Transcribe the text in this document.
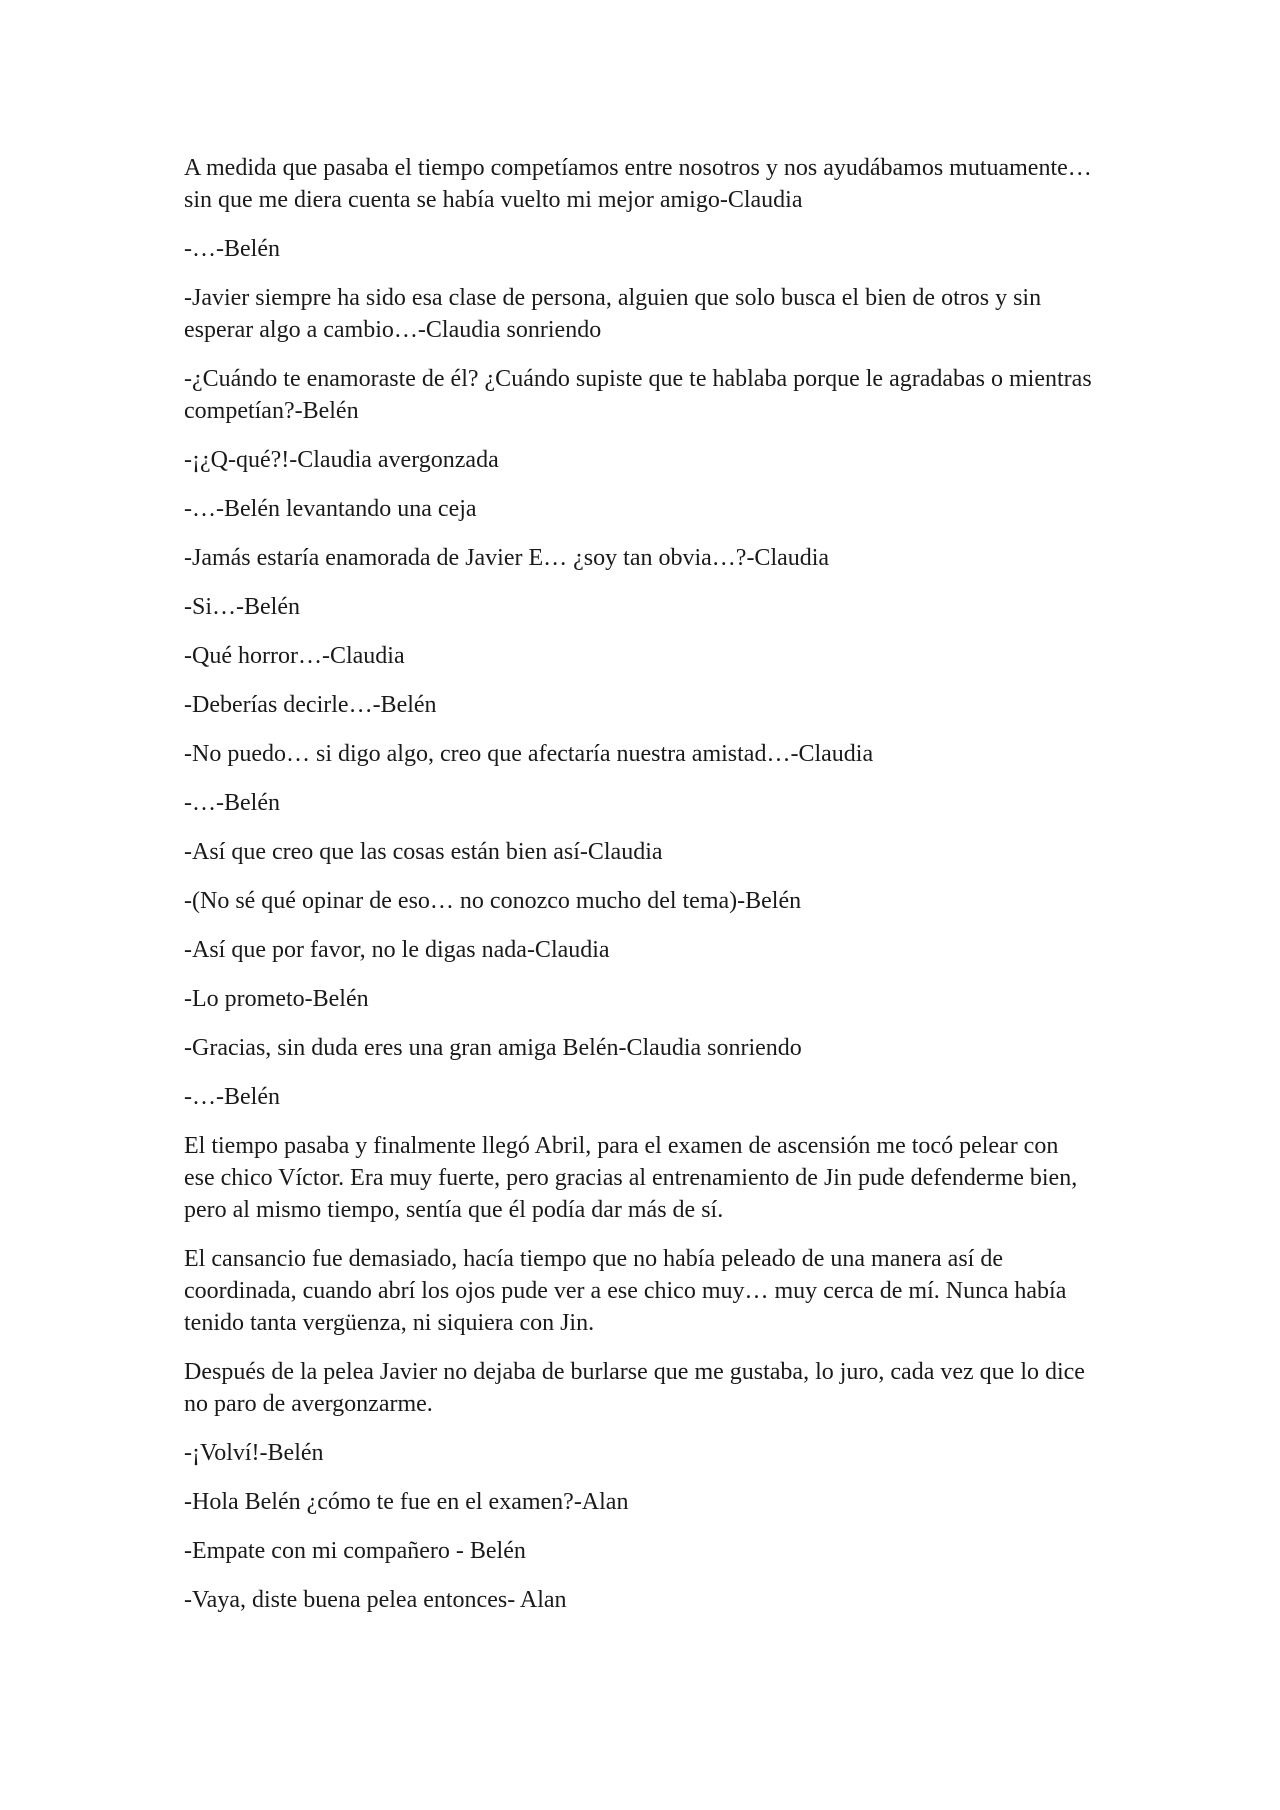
A medida que pasaba el tiempo competíamos entre nosotros y nos ayudábamos mutuamente… sin que me diera cuenta se había vuelto mi mejor amigo-Claudia

-…-Belén

-Javier siempre ha sido esa clase de persona, alguien que solo busca el bien de otros y sin esperar algo a cambio…-Claudia sonriendo

-¿Cuándo te enamoraste de él? ¿Cuándo supiste que te hablaba porque le agradabas o mientras competían?-Belén

-¡¿Q-qué?!-Claudia avergonzada

-…-Belén levantando una ceja

-Jamás estaría enamorada de Javier E… ¿soy tan obvia…?-Claudia

-Si…-Belén

-Qué horror…-Claudia

-Deberías decirle…-Belén

-No puedo… si digo algo, creo que afectaría nuestra amistad…-Claudia

-…-Belén

-Así que creo que las cosas están bien así-Claudia

-(No sé qué opinar de eso… no conozco mucho del tema)-Belén

-Así que por favor, no le digas nada-Claudia

-Lo prometo-Belén

-Gracias, sin duda eres una gran amiga Belén-Claudia sonriendo

-…-Belén

El tiempo pasaba y finalmente llegó Abril, para el examen de ascensión me tocó pelear con ese chico Víctor. Era muy fuerte, pero gracias al entrenamiento de Jin pude defenderme bien, pero al mismo tiempo, sentía que él podía dar más de sí.

El cansancio fue demasiado, hacía tiempo que no había peleado de una manera así de coordinada, cuando abrí los ojos pude ver a ese chico muy… muy cerca de mí. Nunca había tenido tanta vergüenza, ni siquiera con Jin.

Después de la pelea Javier no dejaba de burlarse que me gustaba, lo juro, cada vez que lo dice no paro de avergonzarme.

-¡Volví!-Belén

-Hola Belén ¿cómo te fue en el examen?-Alan

-Empate con mi compañero - Belén

-Vaya, diste buena pelea entonces- Alan
